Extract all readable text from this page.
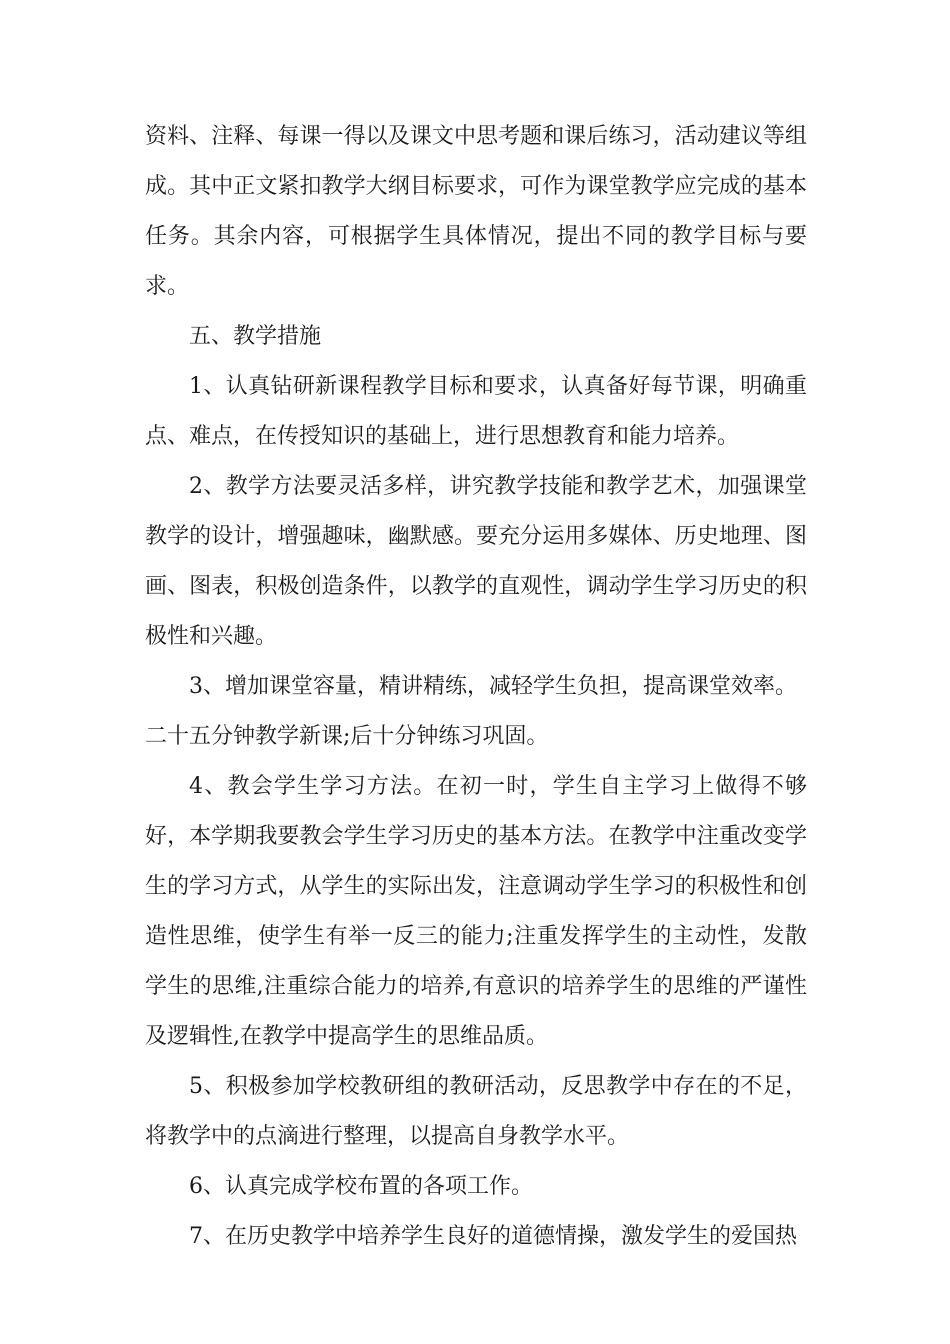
资料、注释、每课一得以及课文中思考题和课后练习，活动建议等组成。其中正文紧扣教学大纲目标要求，可作为课堂教学应完成的基本任务。其余内容，可根据学生具体情况，提出不同的教学目标与要求。

五、教学措施

1、认真钻研新课程教学目标和要求，认真备好每节课，明确重点、难点，在传授知识的基础上，进行思想教育和能力培养。

2、教学方法要灵活多样，讲究教学技能和教学艺术，加强课堂教学的设计，增强趣味，幽默感。要充分运用多媒体、历史地理、图画、图表，积极创造条件，以教学的直观性，调动学生学习历史的积极性和兴趣。

3、增加课堂容量，精讲精练，减轻学生负担，提高课堂效率。

二十五分钟教学新课;后十分钟练习巩固。

4、教会学生学习方法。在初一时，学生自主学习上做得不够好，本学期我要教会学生学习历史的基本方法。在教学中注重改变学生的学习方式，从学生的实际出发，注意调动学生学习的积极性和创造性思维，使学生有举一反三的能力;注重发挥学生的主动性，发散学生的思维,注重综合能力的培养,有意识的培养学生的思维的严谨性及逻辑性,在教学中提高学生的思维品质。

5、积极参加学校教研组的教研活动，反思教学中存在的不足，将教学中的点滴进行整理，以提高自身教学水平。

6、认真完成学校布置的各项工作。

7、在历史教学中培养学生良好的道德情操，激发学生的爱国热
